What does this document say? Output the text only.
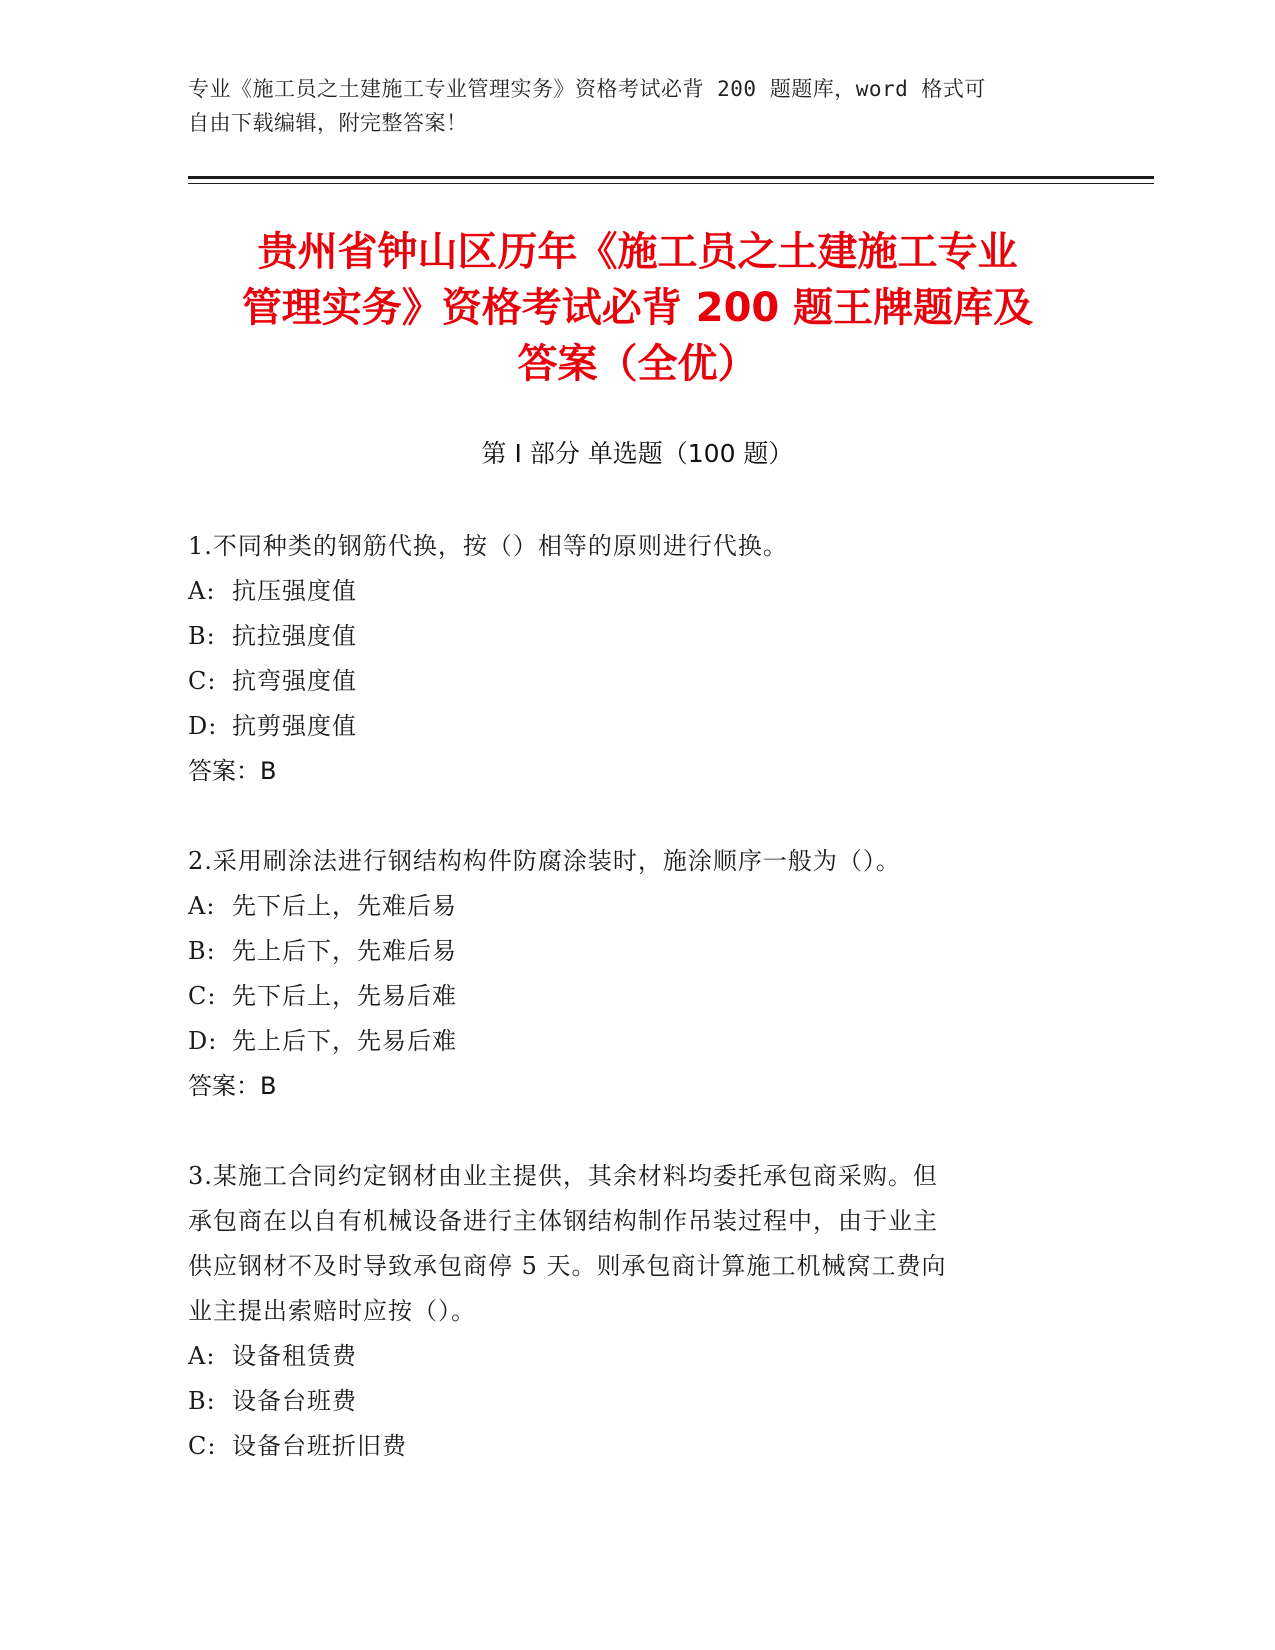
专业《施工员之土建施工专业管理实务》资格考试必背 200 题题库，word 格式可
自由下载编辑，附完整答案！
贵州省钟山区历年《施工员之土建施工专业
管理实务》资格考试必背 200 题王牌题库及
答案（全优）
第 I 部分 单选题（100 题）
1.不同种类的钢筋代换，按（）相等的原则进行代换。
A: 抗压强度值
B: 抗拉强度值
C: 抗弯强度值
D: 抗剪强度值
答案：B
2.采用刷涂法进行钢结构构件防腐涂装时，施涂顺序一般为（）。
A: 先下后上，先难后易
B: 先上后下，先难后易
C: 先下后上，先易后难
D: 先上后下，先易后难
答案：B
3.某施工合同约定钢材由业主提供，其余材料均委托承包商采购。但
承包商在以自有机械设备进行主体钢结构制作吊装过程中，由于业主
供应钢材不及时导致承包商停 5 天。则承包商计算施工机械窝工费向
业主提出索赔时应按（）。
A: 设备租赁费
B: 设备台班费
C: 设备台班折旧费
